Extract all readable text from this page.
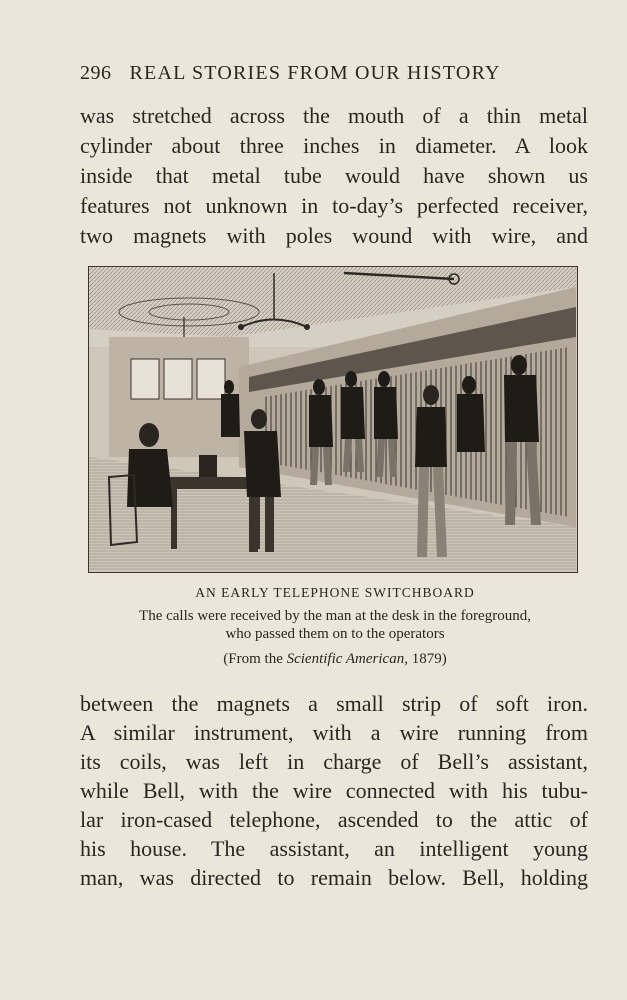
296 REAL STORIES FROM OUR HISTORY
was stretched across the mouth of a thin metal
cylinder about three inches in diameter. A look
inside that metal tube would have shown us
features not unknown in to-day’s perfected receiver,
two magnets with poles wound with wire, and
AN EARLY TELEPHONE SWITCHBOARD
The calls were received by the man at the desk in the foreground,
who passed them on to the operators
(From the Scientific American, 1879)
between the magnets a small strip of soft iron.
A similar instrument, with a wire running from
its coils, was left in charge of Bell’s assistant,
while Bell, with the wire connected with his tubu-
lar iron-cased telephone, ascended to the attic of
his house. The assistant, an intelligent young
man, was directed to remain below. Bell, holding
